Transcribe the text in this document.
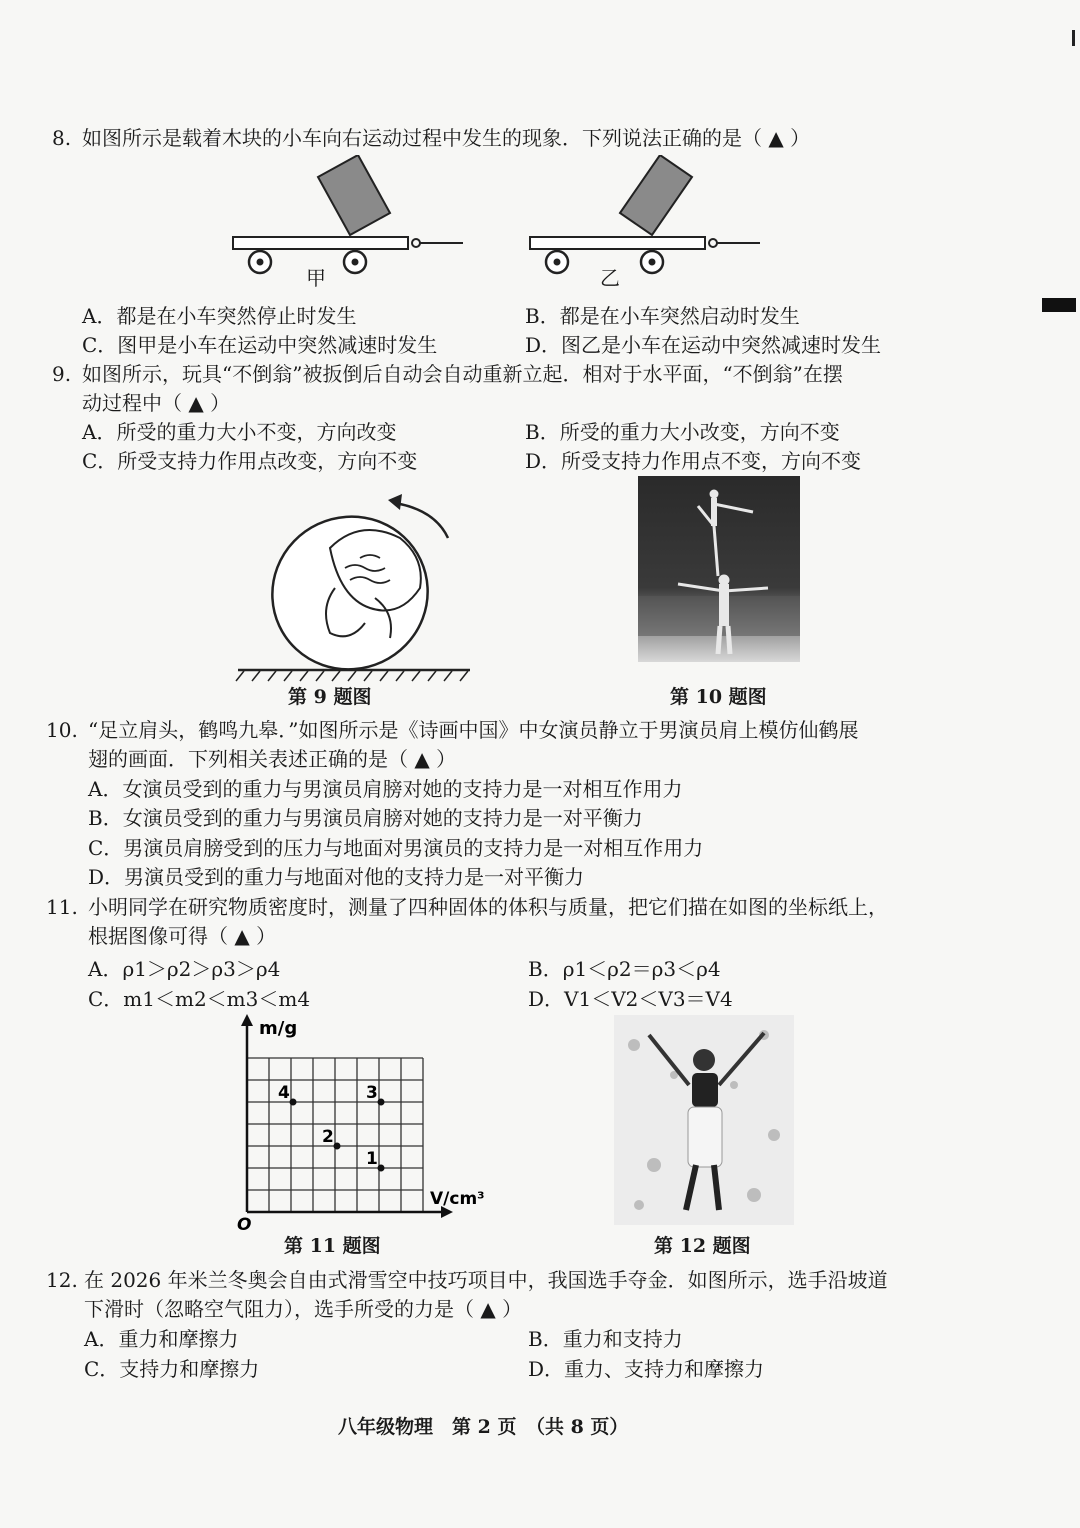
8. 如图所示是载着木块的小车向右运动过程中发生的现象．下列说法正确的是（ ▲ ）
甲	乙
A．都是在小车突然停止时发生	B．都是在小车突然启动时发生
C．图甲是小车在运动中突然减速时发生	D．图乙是小车在运动中突然减速时发生
9. 如图所示，玩具“不倒翁”被扳倒后自动会自动重新立起．相对于水平面，“不倒翁”在摆
动过程中（ ▲ ）
A．所受的重力大小不变，方向改变	B．所受的重力大小改变，方向不变
C．所受支持力作用点改变，方向不变	D．所受支持力作用点不变，方向不变
第 9 题图	第 10 题图
10. “足立肩头，鹤鸣九皋．”如图所示是《诗画中国》中女演员静立于男演员肩上模仿仙鹤展
翅的画面．下列相关表述正确的是（ ▲ ）
A．女演员受到的重力与男演员肩膀对她的支持力是一对相互作用力
B．女演员受到的重力与男演员肩膀对她的支持力是一对平衡力
C．男演员肩膀受到的压力与地面对男演员的支持力是一对相互作用力
D．男演员受到的重力与地面对他的支持力是一对平衡力
11. 小明同学在研究物质密度时，测量了四种固体的体积与质量，把它们描在如图的坐标纸上，
根据图像可得（ ▲ ）
A．ρ1＞ρ2＞ρ3＞ρ4	B．ρ1＜ρ2＝ρ3＜ρ4
C．m1＜m2＜m3＜m4	D．V1＜V2＜V3＝V4
m/g
V/cm³
O
1
2
3
4
第 11 题图	第 12 题图
12. 在 2026 年米兰冬奥会自由式滑雪空中技巧项目中，我国选手夺金．如图所示，选手沿坡道
下滑时（忽略空气阻力），选手所受的力是（ ▲ ）
A．重力和摩擦力	B．重力和支持力
C．支持力和摩擦力	D．重力、支持力和摩擦力
八年级物理　第 2 页　（共 8 页）
